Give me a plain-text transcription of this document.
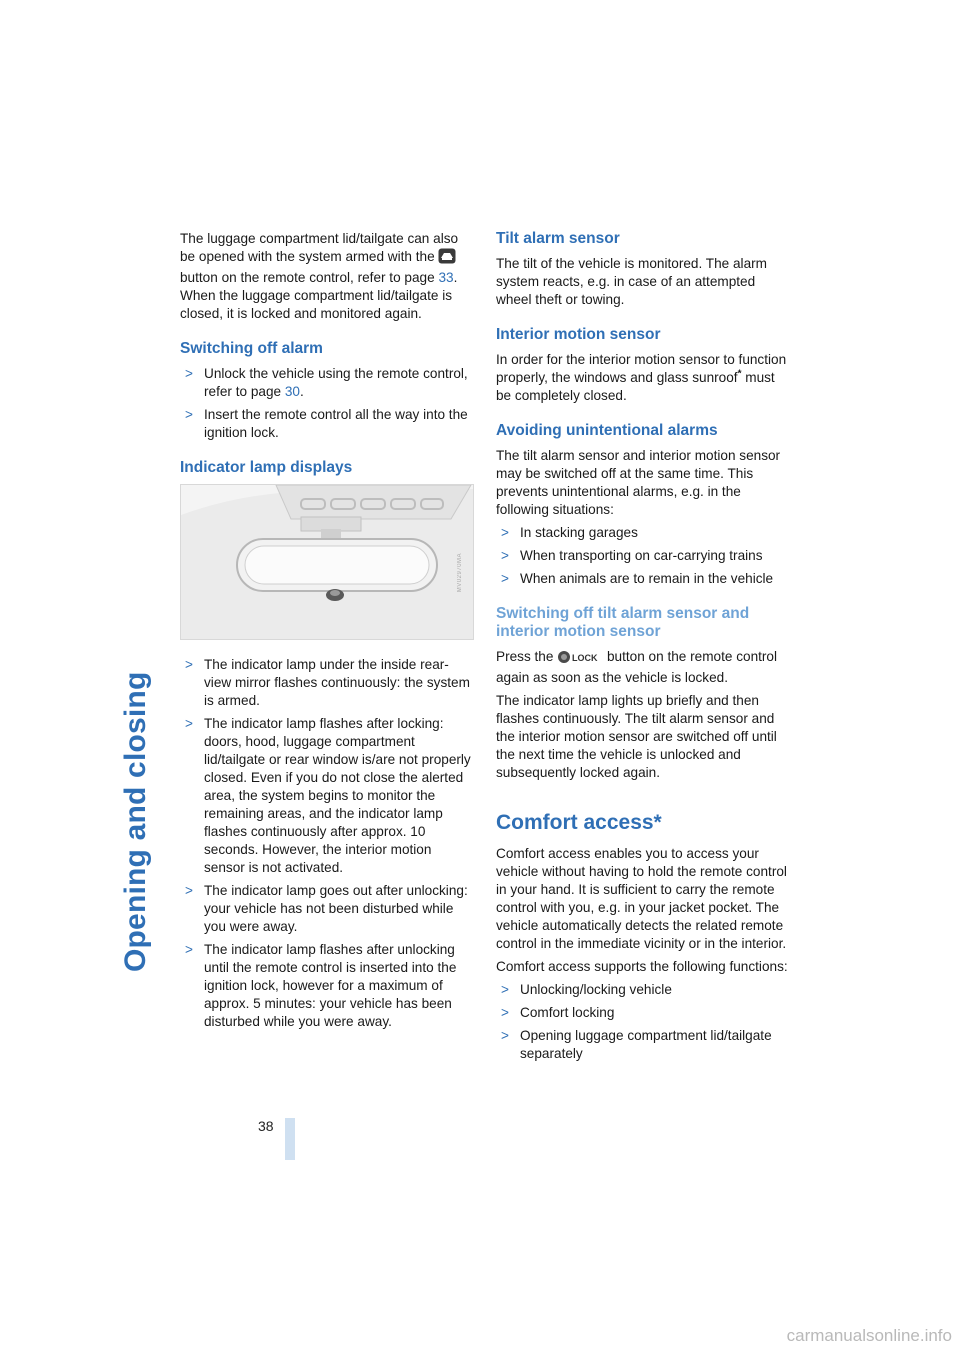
Opening and closing

The luggage compartment lid/tailgate can also be opened with the system armed with the  button on the remote control, refer to page 33. When the luggage compartment lid/tailgate is closed, it is locked and monitored again.

Switching off alarm
> Unlock the vehicle using the remote control, refer to page 30.
> Insert the remote control all the way into the ignition lock.
Indicator lamp displays
MV02970MA
> The indicator lamp under the inside rear-view mirror flashes continuously: the system is armed.
> The indicator lamp flashes after locking: doors, hood, luggage compartment lid/tailgate or rear window is/are not properly closed. Even if you do not close the alerted area, the system begins to monitor the remaining areas, and the indicator lamp flashes continuously after approx. 10 seconds. However, the interior motion sensor is not activated.
> The indicator lamp goes out after unlocking: your vehicle has not been disturbed while you were away.
> The indicator lamp flashes after unlocking until the remote control is inserted into the ignition lock, however for a maximum of approx. 5 minutes: your vehicle has been disturbed while you were away.
Tilt alarm sensor

The tilt of the vehicle is monitored. The alarm system reacts, e.g. in case of an attempted wheel theft or towing.

Interior motion sensor

In order for the interior motion sensor to function properly, the windows and glass sunroof* must be completely closed.

Avoiding unintentional alarms

The tilt alarm sensor and interior motion sensor may be switched off at the same time. This prevents unintentional alarms, e.g. in the following situations:

> In stacking garages
> When transporting on car-carrying trains
> When animals are to remain in the vehicle
Switching off tilt alarm sensor and interior motion sensor

Press the LOCK button on the remote control again as soon as the vehicle is locked.

The indicator lamp lights up briefly and then flashes continuously. The tilt alarm sensor and the interior motion sensor are switched off until the next time the vehicle is unlocked and subsequently locked again.

Comfort access*

Comfort access enables you to access your vehicle without having to hold the remote control in your hand. It is sufficient to carry the remote control with you, e.g. in your jacket pocket. The vehicle automatically detects the related remote control in the immediate vicinity or in the interior.

Comfort access supports the following functions:

> Unlocking/locking vehicle
> Comfort locking
> Opening luggage compartment lid/tailgate separately
38
carmanualsonline.info
